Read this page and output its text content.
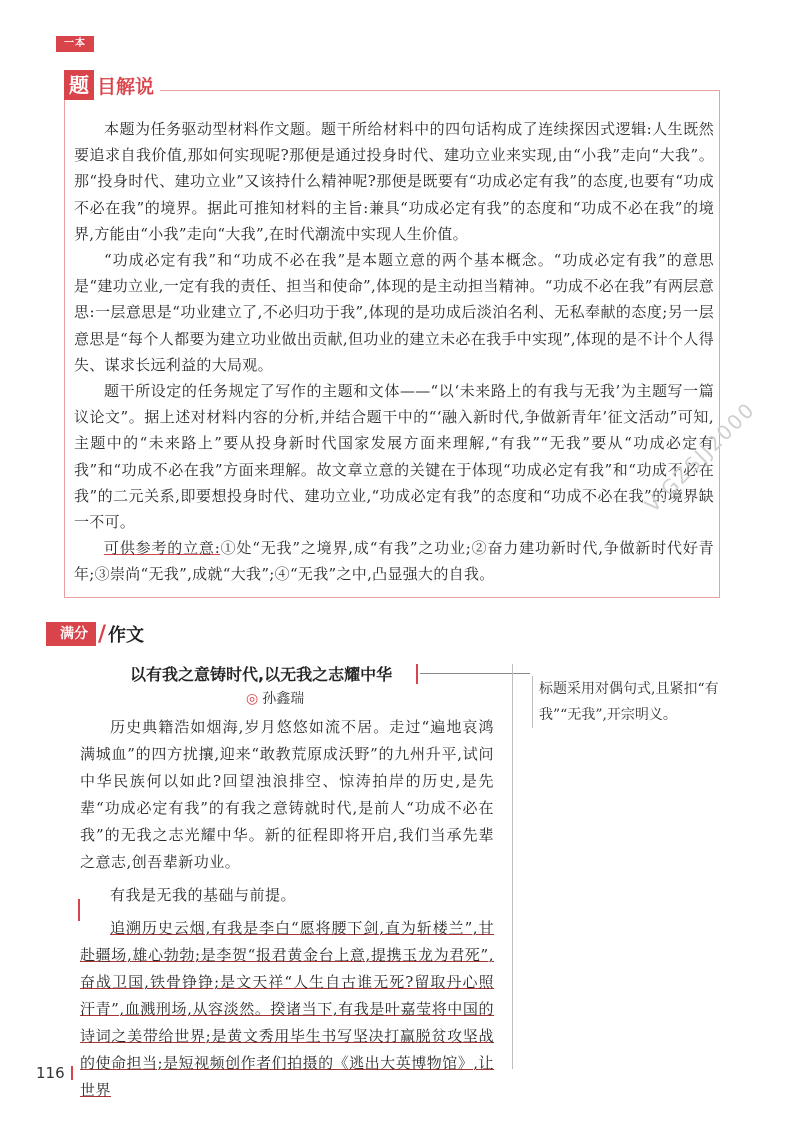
一本
题 目解说

本题为任务驱动型材料作文题。题干所给材料中的四句话构成了连续探因式逻辑:人生既然要追求自我价值,那如何实现呢?那便是通过投身时代、建功立业来实现,由“小我”走向“大我”。那“投身时代、建功立业”又该持什么精神呢?那便是既要有“功成必定有我”的态度,也要有“功成不必在我”的境界。据此可推知材料的主旨:兼具“功成必定有我”的态度和“功成不必在我”的境界,方能由“小我”走向“大我”,在时代潮流中实现人生价值。

“功成必定有我”和“功成不必在我”是本题立意的两个基本概念。“功成必定有我”的意思是“建功立业,一定有我的责任、担当和使命”,体现的是主动担当精神。“功成不必在我”有两层意思:一层意思是“功业建立了,不必归功于我”,体现的是功成后淡泊名利、无私奉献的态度;另一层意思是“每个人都要为建立功业做出贡献,但功业的建立未必在我手中实现”,体现的是不计个人得失、谋求长远利益的大局观。

题干所设定的任务规定了写作的主题和文体——“以‘未来路上的有我与无我’为主题写一篇议论文”。据上述对材料内容的分析,并结合题干中的“‘融入新时代,争做新青年’征文活动”可知,主题中的“未来路上”要从投身新时代国家发展方面来理解,“有我”“无我”要从“功成必定有我”和“功成不必在我”方面来理解。故文章立意的关键在于体现“功成必定有我”和“功成不必在我”的二元关系,即要想投身时代、建功立业,“功成必定有我”的态度和“功成不必在我”的境界缺一不可。

可供参考的立意:①处“无我”之境界,成“有我”之功业;②奋力建功新时代,争做新时代好青年;③崇尚“无我”,成就“大我”;④“无我”之中,凸显强大的自我。

V:GZSJJ2000
满分 / 作文
以有我之意铸时代,以无我之志耀中华
◎ 孙鑫瑞
标题采用对偶句式,且紧扣“有我”“无我”,开宗明义。

历史典籍浩如烟海,岁月悠悠如流不居。走过“遍地哀鸿满城血”的四方扰攘,迎来“敢教荒原成沃野”的九州升平,试问中华民族何以如此?回望浊浪排空、惊涛拍岸的历史,是先辈“功成必定有我”的有我之意铸就时代,是前人“功成不必在我”的无我之志光耀中华。新的征程即将开启,我们当承先辈之意志,创吾辈新功业。

有我是无我的基础与前提。

追溯历史云烟,有我是李白“愿将腰下剑,直为斩楼兰”,甘赴疆场,雄心勃勃;是李贺“报君黄金台上意,提携玉龙为君死”,奋战卫国,铁骨铮铮;是文天祥“人生自古谁无死?留取丹心照汗青”,血溅刑场,从容淡然。揆诸当下,有我是叶嘉莹将中国的诗词之美带给世界;是黄文秀用毕生书写坚决打赢脱贫攻坚战的使命担当;是短视频创作者们拍摄的《逃出大英博物馆》,让世界

116
